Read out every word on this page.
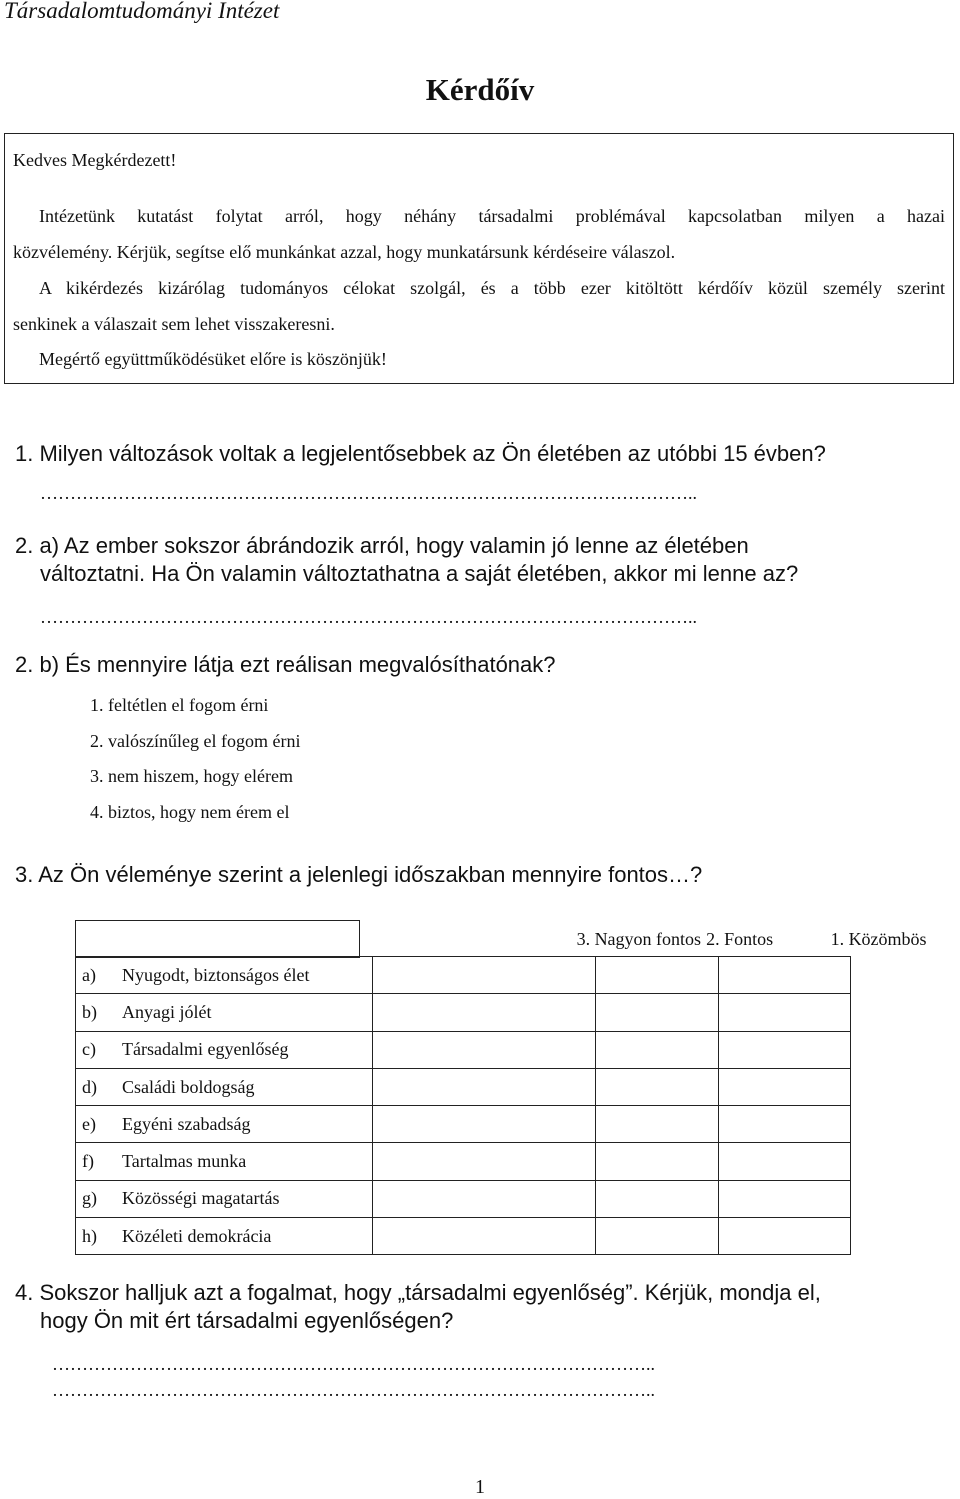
Társadalomtudományi Intézet
Kérdőív
Kedves Megkérdezett!
Intézetünk kutatást folytat arról, hogy néhány társadalmi problémával kapcsolatban milyen a hazai
közvélemény. Kérjük, segítse elő munkánkat azzal, hogy munkatársunk kérdéseire válaszol.
A kikérdezés kizárólag tudományos célokat szolgál, és a több ezer kitöltött kérdőív közül személy szerint
senkinek a válaszait sem lehet visszakeresni.
Megértő együttműködésüket előre is köszönjük!
1. Milyen változások voltak a legjelentősebbek az Ön életében az utóbbi 15 évben?
………………………………………………………………………………………………..
2. a) Az ember sokszor ábrándozik arról, hogy valamin jó lenne az életében
változtatni. Ha Ön valamin változtathatna a saját életében, akkor mi lenne az?
………………………………………………………………………………………………..
2. b) És mennyire látja ezt reálisan megvalósíthatónak?
1. feltétlen el fogom érni
2. valószínűleg el fogom érni
3. nem hiszem, hogy elérem
4. biztos, hogy nem érem el
3. Az Ön véleménye szerint a jelenlegi időszakban mennyire fontos…?
		3. Nagyon fontos	2. Fontos	1. Közömbös
a) Nyugodt, biztonságos élet			

b) Anyagi jólét			

c) Társadalmi egyenlőség			

d) Családi boldogság			

e) Egyéni szabadság			

f) Tartalmas munka			

g) Közösségi magatartás			

h) Közéleti demokrácia			

4. Sokszor halljuk azt a fogalmat, hogy „társadalmi egyenlőség”. Kérjük, mondja el,
hogy Ön mit ért társadalmi egyenlőségen?
………………………………………………………………………………………..
………………………………………………………………………………………..
1
